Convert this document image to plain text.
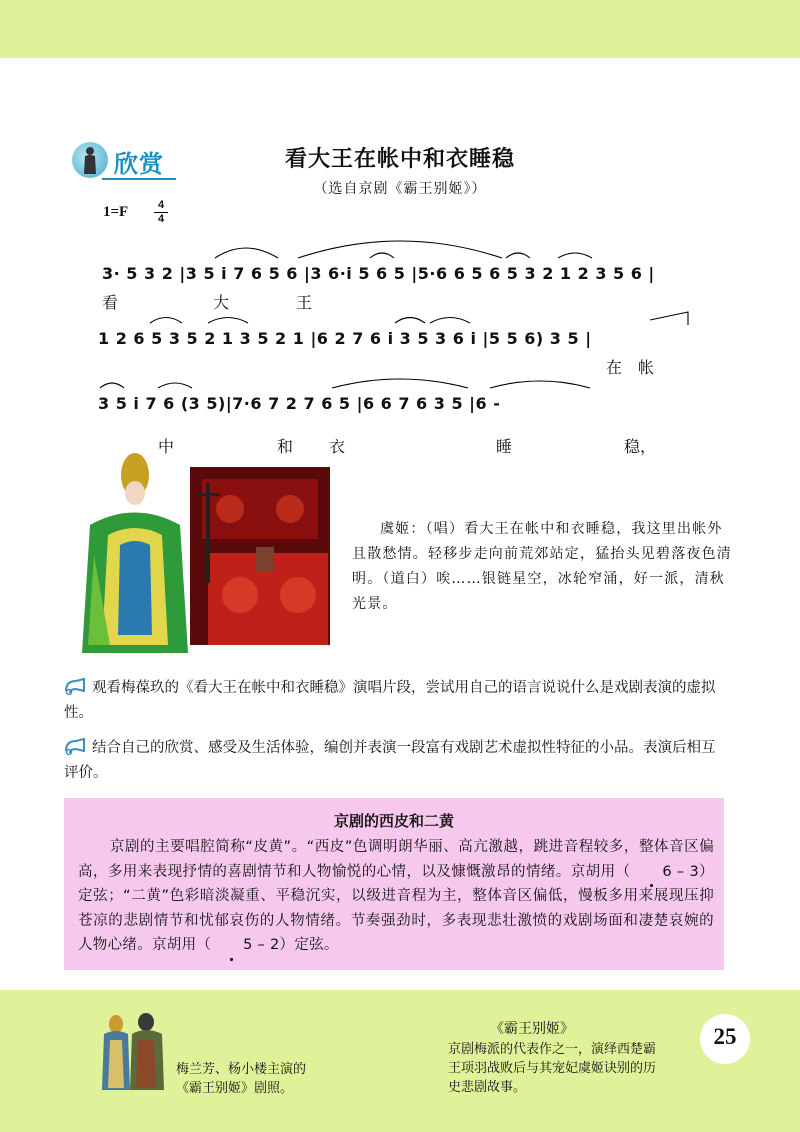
欣赏	看大王在帐中和衣睡稳
（选自京剧《霸王别姬》）
1=F	4
4
3· 5 3 2 |3 5 i 7 6 5 6 |3 6·i 5 6 5 |5·6 6 5 6 5 3 2 1 2 3 5 6 |
看	大	王
1 2 6 5 3 5 2 1 3 5 2 1 |6 2 7 6 i 3 5 3 6 i |5 5 6) 3 5 |
在 帐
3 5 i 7 6 (3 5)|7·6 7 2 7 6 5 |6 6 7 6 3 5 |6 -
中	和 衣	睡	稳，
虞姬：（唱）看大王在帐中和衣睡稳，我这里出帐外且散愁情。轻移步走向前荒郊站定，猛抬头见碧落夜色清明。（道白）唉……银链星空，冰轮窄涌，好一派，清秋光景。
观看梅葆玖的《看大王在帐中和衣睡稳》演唱片段，尝试用自己的语言说说什么是戏剧表演的虚拟性。
结合自己的欣赏、感受及生活体验，编创并表演一段富有戏剧艺术虚拟性特征的小品。表演后相互评价。
京剧的西皮和二黄
京剧的主要唱腔简称“皮黄”。“西皮”色调明朗华丽、高亢激越，跳进音程较多，整体音区偏高，多用来表现抒情的喜剧情节和人物愉悦的心情，以及慷慨激昂的情绪。京胡用（ 6 – 3）定弦；“二黄”色彩暗淡凝重、平稳沉实，以级进音程为主，整体音区偏低，慢板多用来展现压抑苍凉的悲剧情节和忧郁哀伤的人物情绪。节奏强劲时，多表现悲壮激愤的戏剧场面和凄楚哀婉的人物心绪。京胡用（ 5 – 2）定弦。
梅兰芳、杨小楼主演的
《霸王别姬》剧照。
《霸王别姬》
京剧梅派的代表作之一，演绎西楚霸王项羽战败后与其宠妃虞姬诀别的历史悲剧故事。
25
